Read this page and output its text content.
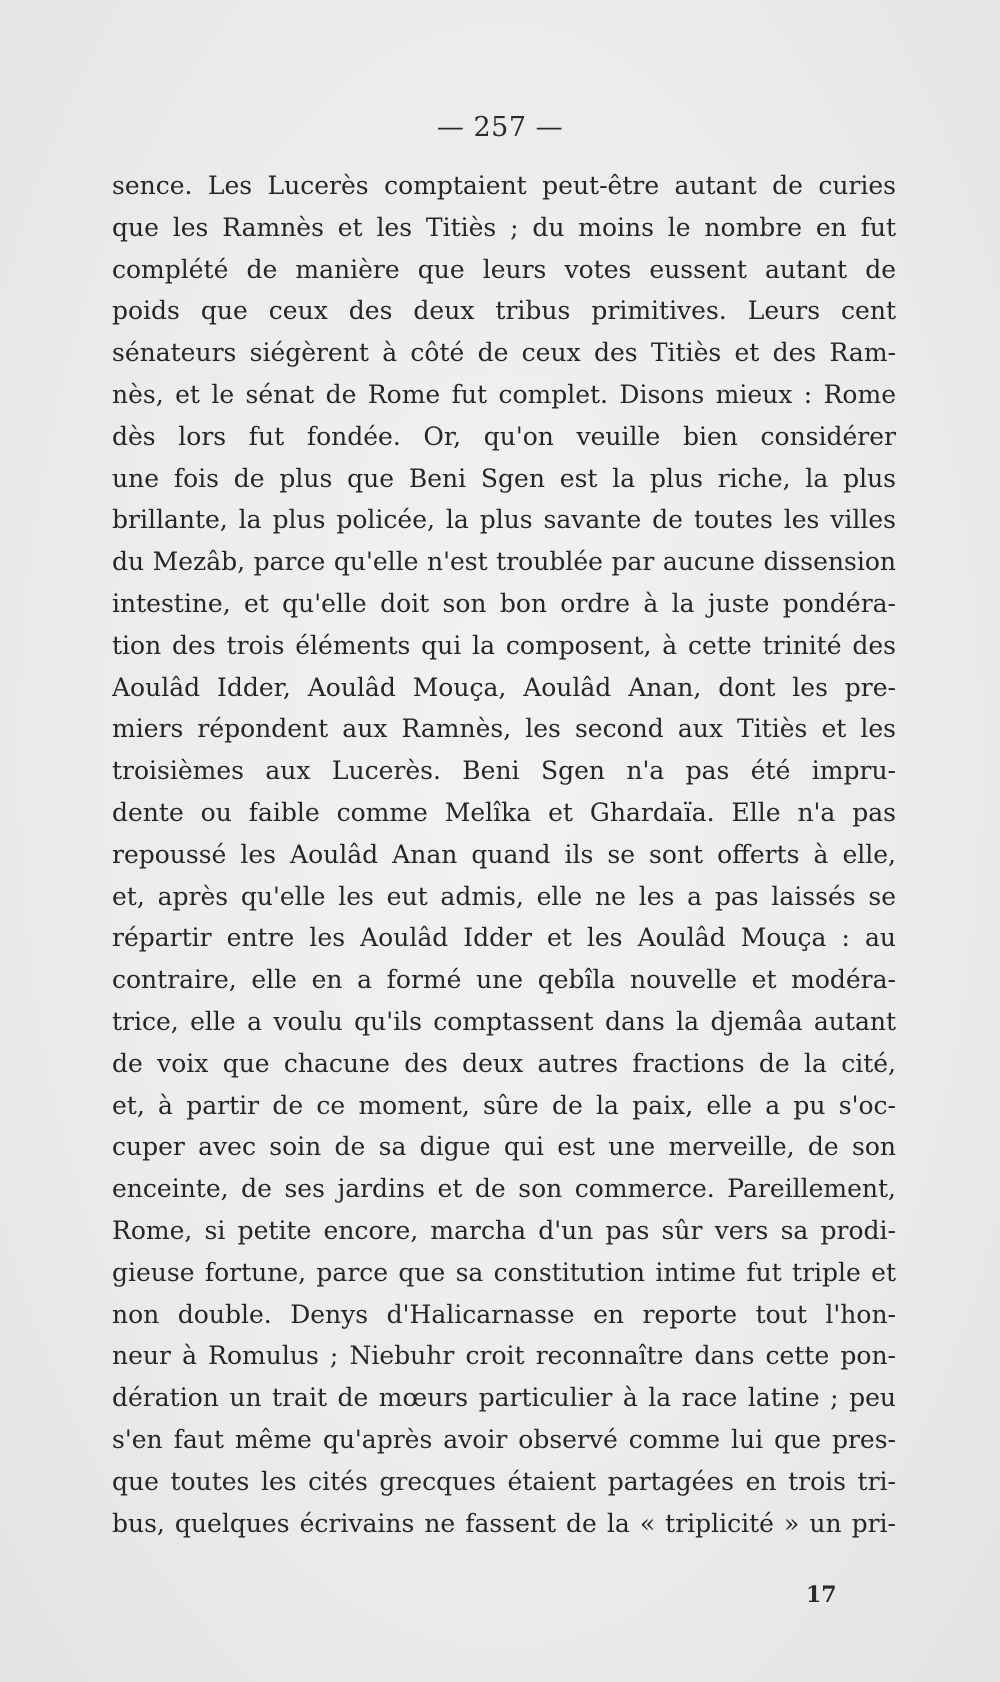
— 257 —
sence. Les Lucerès comptaient peut-être autant de curies
que les Ramnès et les Titiès ; du moins le nombre en fut
complété de manière que leurs votes eussent autant de
poids que ceux des deux tribus primitives. Leurs cent
sénateurs siégèrent à côté de ceux des Titiès et des Ram-
nès, et le sénat de Rome fut complet. Disons mieux : Rome
dès lors fut fondée. Or, qu'on veuille bien considérer
une fois de plus que Beni Sgen est la plus riche, la plus
brillante, la plus policée, la plus savante de toutes les villes
du Mezâb, parce qu'elle n'est troublée par aucune dissension
intestine, et qu'elle doit son bon ordre à la juste pondéra-
tion des trois éléments qui la composent, à cette trinité des
Aoulâd Idder, Aoulâd Mouça, Aoulâd Anan, dont les pre-
miers répondent aux Ramnès, les second aux Titiès et les
troisièmes aux Lucerès. Beni Sgen n'a pas été impru-
dente ou faible comme Melîka et Ghardaïa. Elle n'a pas
repoussé les Aoulâd Anan quand ils se sont offerts à elle,
et, après qu'elle les eut admis, elle ne les a pas laissés se
répartir entre les Aoulâd Idder et les Aoulâd Mouça : au
contraire, elle en a formé une qebîla nouvelle et modéra-
trice, elle a voulu qu'ils comptassent dans la djemâa autant
de voix que chacune des deux autres fractions de la cité,
et, à partir de ce moment, sûre de la paix, elle a pu s'oc-
cuper avec soin de sa digue qui est une merveille, de son
enceinte, de ses jardins et de son commerce. Pareillement,
Rome, si petite encore, marcha d'un pas sûr vers sa prodi-
gieuse fortune, parce que sa constitution intime fut triple et
non double. Denys d'Halicarnasse en reporte tout l'hon-
neur à Romulus ; Niebuhr croit reconnaître dans cette pon-
dération un trait de mœurs particulier à la race latine ; peu
s'en faut même qu'après avoir observé comme lui que pres-
que toutes les cités grecques étaient partagées en trois tri-
bus, quelques écrivains ne fassent de la « triplicité » un pri-
17
